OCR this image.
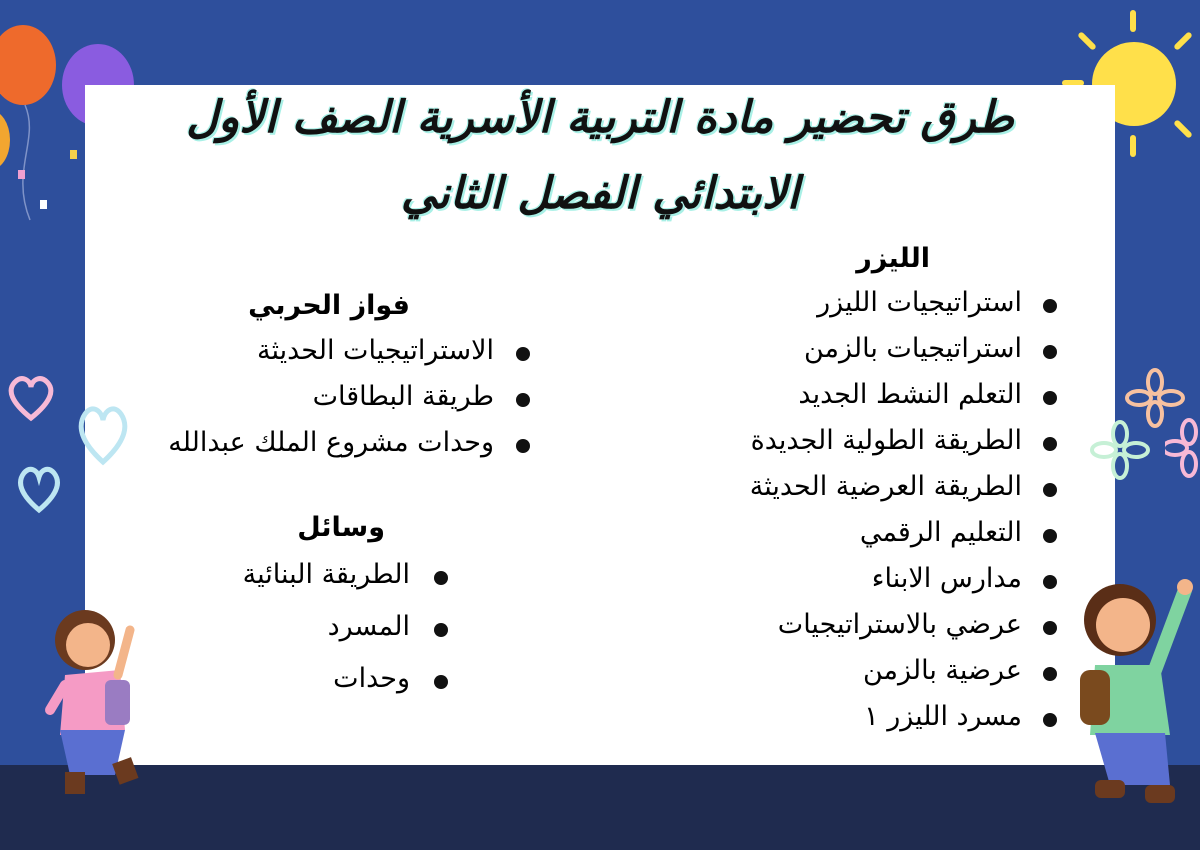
طرق تحضير مادة التربية الأسرية الصف الأول
الابتدائي الفصل الثاني
الليزر
استراتيجيات الليزر
استراتيجيات بالزمن
التعلم النشط الجديد
الطريقة الطولية الجديدة
الطريقة العرضية الحديثة
التعليم الرقمي
مدارس الابناء
عرضي بالاستراتيجيات
عرضية بالزمن
مسرد الليزر ١
فواز الحربي
الاستراتيجيات الحديثة
طريقة البطاقات
وحدات مشروع الملك عبدالله
وسائل
الطريقة البنائية
المسرد
وحدات
